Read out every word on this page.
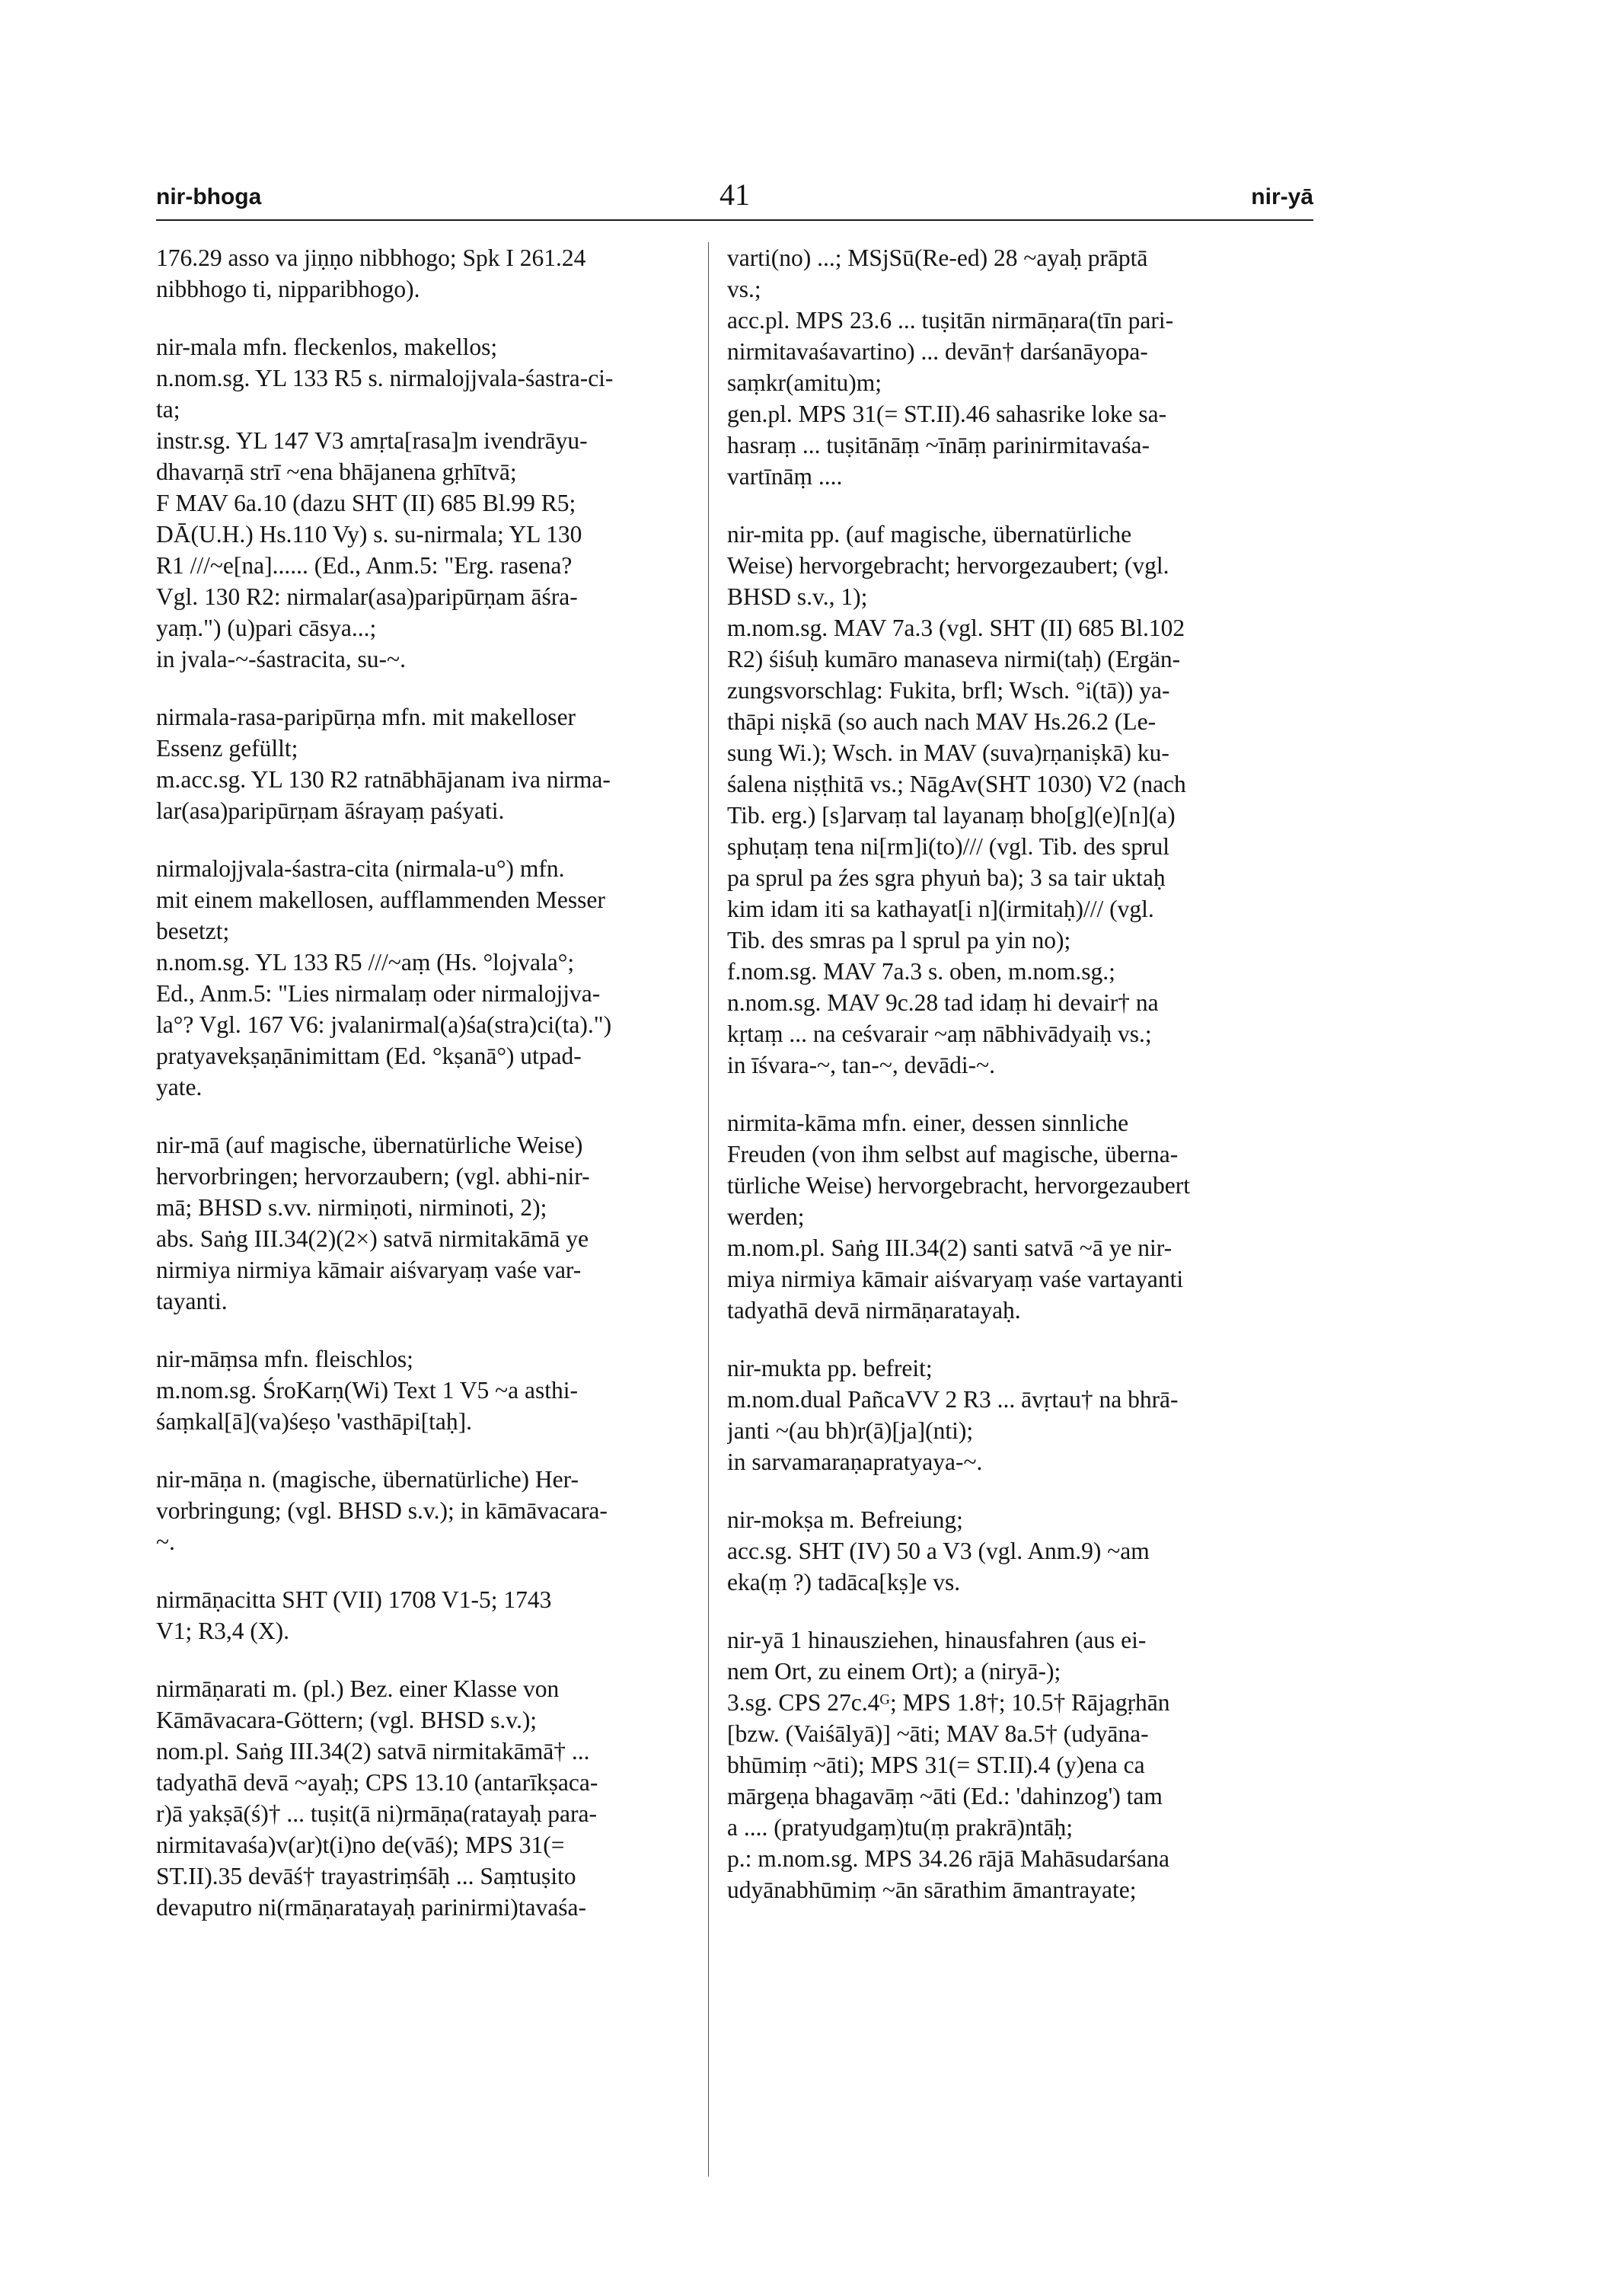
nir-bhoga	41	nir-yā
176.29 asso va jiṇṇo nibbhogo; Spk I 261.24
nibbhogo ti, nipparibhogo).
nir-mala mfn. fleckenlos, makellos;
n.nom.sg. YL 133 R5 s. nirmalojjvala-śastra-ci-
ta;
instr.sg. YL 147 V3 amṛta[rasa]m ivendrāyu-
dhavarṇā strī ~ena bhājanena gṛhītvā;
F MAV 6a.10 (dazu SHT (II) 685 Bl.99 R5;
DĀ(U.H.) Hs.110 Vy) s. su-nirmala; YL 130
R1 ///~e[na]...... (Ed., Anm.5: "Erg. rasena?
Vgl. 130 R2: nirmalar(asa)paripūrṇam āśra-
yaṃ.") (u)pari cāsya...;
in jvala-~-śastracita, su-~.
nirmala-rasa-paripūrṇa mfn. mit makelloser
Essenz gefüllt;
m.acc.sg. YL 130 R2 ratnābhājanam iva nirma-
lar(asa)paripūrṇam āśrayaṃ paśyati.
nirmalojjvala-śastra-cita (nirmala-u°) mfn.
mit einem makellosen, aufflammenden Messer
besetzt;
n.nom.sg. YL 133 R5 ///~aṃ (Hs. °lojvala°;
Ed., Anm.5: "Lies nirmalaṃ oder nirmalojjva-
la°? Vgl. 167 V6: jvalanirmal(a)śa(stra)ci(ta).")
pratyavekṣaṇānimittam (Ed. °kṣanā°) utpad-
yate.
nir-mā (auf magische, übernatürliche Weise)
hervorbringen; hervorzaubern; (vgl. abhi-nir-
mā; BHSD s.vv. nirmiṇoti, nirminoti, 2);
abs. Saṅg III.34(2)(2×) satvā nirmitakāmā ye
nirmiya nirmiya kāmair aiśvaryaṃ vaśe var-
tayanti.
nir-māṃsa mfn. fleischlos;
m.nom.sg. ŚroKarṇ(Wi) Text 1 V5 ~a asthi-
śaṃkal[ā](va)śeṣo 'vasthāpi[taḥ].
nir-māṇa n. (magische, übernatürliche) Her-
vorbringung; (vgl. BHSD s.v.); in kāmāvacara-
~.
nirmāṇacitta SHT (VII) 1708 V1-5; 1743
V1; R3,4 (X).
nirmāṇarati m. (pl.) Bez. einer Klasse von
Kāmāvacara-Göttern; (vgl. BHSD s.v.);
nom.pl. Saṅg III.34(2) satvā nirmitakāmā† ...
tadyathā devā ~ayaḥ; CPS 13.10 (antarīkṣaca-
r)ā yakṣā(ś)† ... tuṣit(ā ni)rmāṇa(ratayaḥ para-
nirmitavaśa)v(ar)t(i)no de(vāś); MPS 31(=
ST.II).35 devāś† trayastriṃśāḥ ... Saṃtuṣito
devaputro ni(rmāṇaratayaḥ parinirmi)tavaśa-
varti(no) ...; MSjSū(Re-ed) 28 ~ayaḥ prāptā
vs.;
acc.pl. MPS 23.6 ... tuṣitān nirmāṇara(tīn pari-
nirmitavaśavartino) ... devān† darśanāyopa-
saṃkr(amitu)m;
gen.pl. MPS 31(= ST.II).46 sahasrike loke sa-
hasraṃ ... tuṣitānāṃ ~īnāṃ parinirmitavaśa-
vartīnāṃ ....
nir-mita pp. (auf magische, übernatürliche
Weise) hervorgebracht; hervorgezaubert; (vgl.
BHSD s.v., 1);
m.nom.sg. MAV 7a.3 (vgl. SHT (II) 685 Bl.102
R2) śiśuḥ kumāro manaseva nirmi(taḥ) (Ergän-
zungsvorschlag: Fukita, brfl; Wsch. °i(tā)) ya-
thāpi niṣkā (so auch nach MAV Hs.26.2 (Le-
sung Wi.); Wsch. in MAV (suva)rṇaniṣkā) ku-
śalena niṣṭhitā vs.; NāgAv(SHT 1030) V2 (nach
Tib. erg.) [s]arvaṃ tal layanaṃ bho[g](e)[n](a)
sphuṭaṃ tena ni[rm]i(to)/// (vgl. Tib. des sprul
pa sprul pa źes sgra phyuṅ ba); 3 sa tair uktaḥ
kim idam iti sa kathayat[i n](irmitaḥ)/// (vgl.
Tib. des smras pa l sprul pa yin no);
f.nom.sg. MAV 7a.3 s. oben, m.nom.sg.;
n.nom.sg. MAV 9c.28 tad idaṃ hi devair† na
kṛtaṃ ... na ceśvarair ~aṃ nābhivādyaiḥ vs.;
in īśvara-~, tan-~, devādi-~.
nirmita-kāma mfn. einer, dessen sinnliche
Freuden (von ihm selbst auf magische, überna-
türliche Weise) hervorgebracht, hervorgezaubert
werden;
m.nom.pl. Saṅg III.34(2) santi satvā ~ā ye nir-
miya nirmiya kāmair aiśvaryaṃ vaśe vartayanti
tadyathā devā nirmāṇaratayaḥ.
nir-mukta pp. befreit;
m.nom.dual PañcaVV 2 R3 ... āvṛtau† na bhrā-
janti ~(au bh)r(ā)[ja](nti);
in sarvamaraṇapratyaya-~.
nir-mokṣa m. Befreiung;
acc.sg. SHT (IV) 50 a V3 (vgl. Anm.9) ~am
eka(ṃ ?) tadāca[kṣ]e vs.
nir-yā 1 hinausziehen, hinausfahren (aus ei-
nem Ort, zu einem Ort); a (niryā-);
3.sg. CPS 27c.4ᴳ; MPS 1.8†; 10.5† Rājagṛhān
[bzw. (Vaiśālyā)] ~āti; MAV 8a.5† (udyāna-
bhūmiṃ ~āti); MPS 31(= ST.II).4 (y)ena ca
mārgeṇa bhagavāṃ ~āti (Ed.: 'dahinzog') tam
a .... (pratyudgaṃ)tu(ṃ prakrā)ntāḥ;
p.: m.nom.sg. MPS 34.26 rājā Mahāsudarśana
udyānabhūmiṃ ~ān sārathim āmantrayate;
